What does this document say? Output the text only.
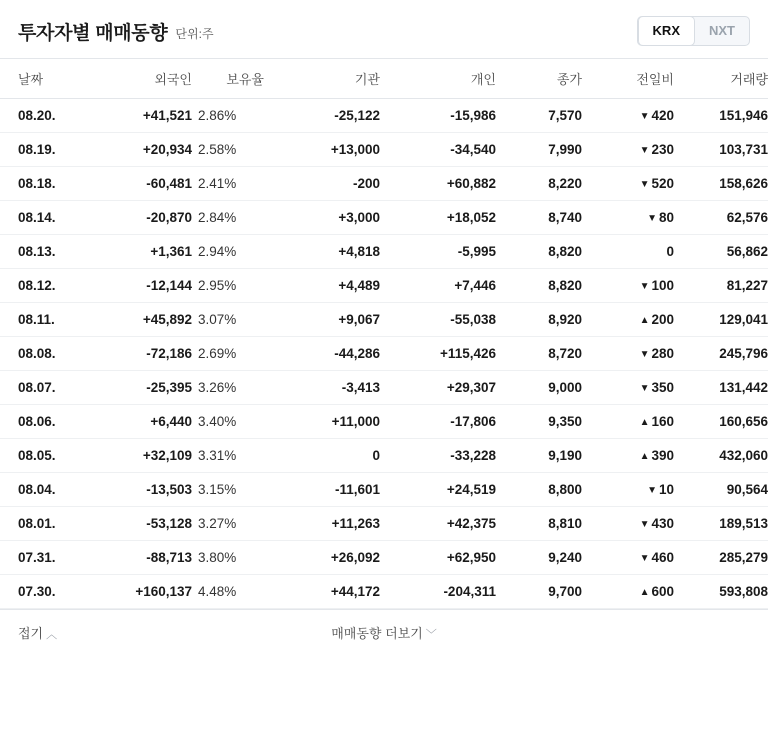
투자자별 매매동향 단위:주	KRX	NXT
날짜	외국인	보유율	기관	개인	종가	전일비	거래량
08.20.	+41,521	2.86%	-25,122	-15,986	7,570	▼ 420	151,946
08.19.	+20,934	2.58%	+13,000	-34,540	7,990	▼ 230	103,731
08.18.	-60,481	2.41%	-200	+60,882	8,220	▼ 520	158,626
08.14.	-20,870	2.84%	+3,000	+18,052	8,740	▼ 80	62,576
08.13.	+1,361	2.94%	+4,818	-5,995	8,820	0	56,862
08.12.	-12,144	2.95%	+4,489	+7,446	8,820	▼ 100	81,227
08.11.	+45,892	3.07%	+9,067	-55,038	8,920	▲ 200	129,041
08.08.	-72,186	2.69%	-44,286	+115,426	8,720	▼ 280	245,796
08.07.	-25,395	3.26%	-3,413	+29,307	9,000	▼ 350	131,442
08.06.	+6,440	3.40%	+11,000	-17,806	9,350	▲ 160	160,656
08.05.	+32,109	3.31%	0	-33,228	9,190	▲ 390	432,060
08.04.	-13,503	3.15%	-11,601	+24,519	8,800	▼ 10	90,564
08.01.	-53,128	3.27%	+11,263	+42,375	8,810	▼ 430	189,513
07.31.	-88,713	3.80%	+26,092	+62,950	9,240	▼ 460	285,279
07.30.	+160,137	4.48%	+44,172	-204,311	9,700	▲ 600	593,808
접기 ︿	매매동향 더보기 ﹀
